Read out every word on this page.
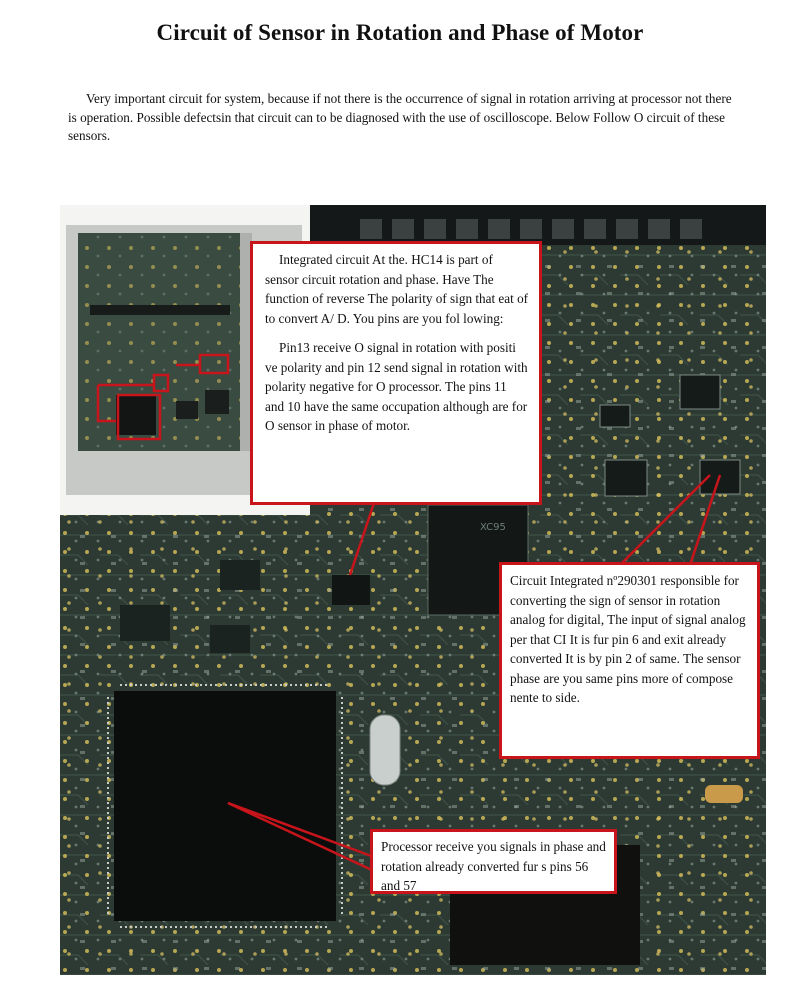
Circuit of Sensor in Rotation and Phase of Motor

Very important circuit for system, because if not there is the occurrence of signal in rotation arriving at processor not there is operation. Possible defectsin that circuit can to be diagnosed with the use of oscilloscope. Below Follow O circuit of these sensors.

XC95

Integrated circuit At the. HC14 is part of sensor circuit rotation and phase. Have The function of reverse The polarity of sign that eat of to convert A/ D. You pins are you fol lowing:

Pin13 receive O signal in rotation with positi ve polarity and pin 12 send signal in rotation with polarity negative for O processor. The pins 11 and 10 have the same occupation although are for O sensor in phase of motor.

Circuit Integrated nº290301 responsible for converting the sign of sensor in rotation analog for digital, The input of signal analog per that CI It is fur pin 6 and exit already converted It is by pin 2 of same. The sensor phase are you same pins more of compose nente to side.

Processor receive you signals in phase and rotation already converted fur s pins 56 and 57
